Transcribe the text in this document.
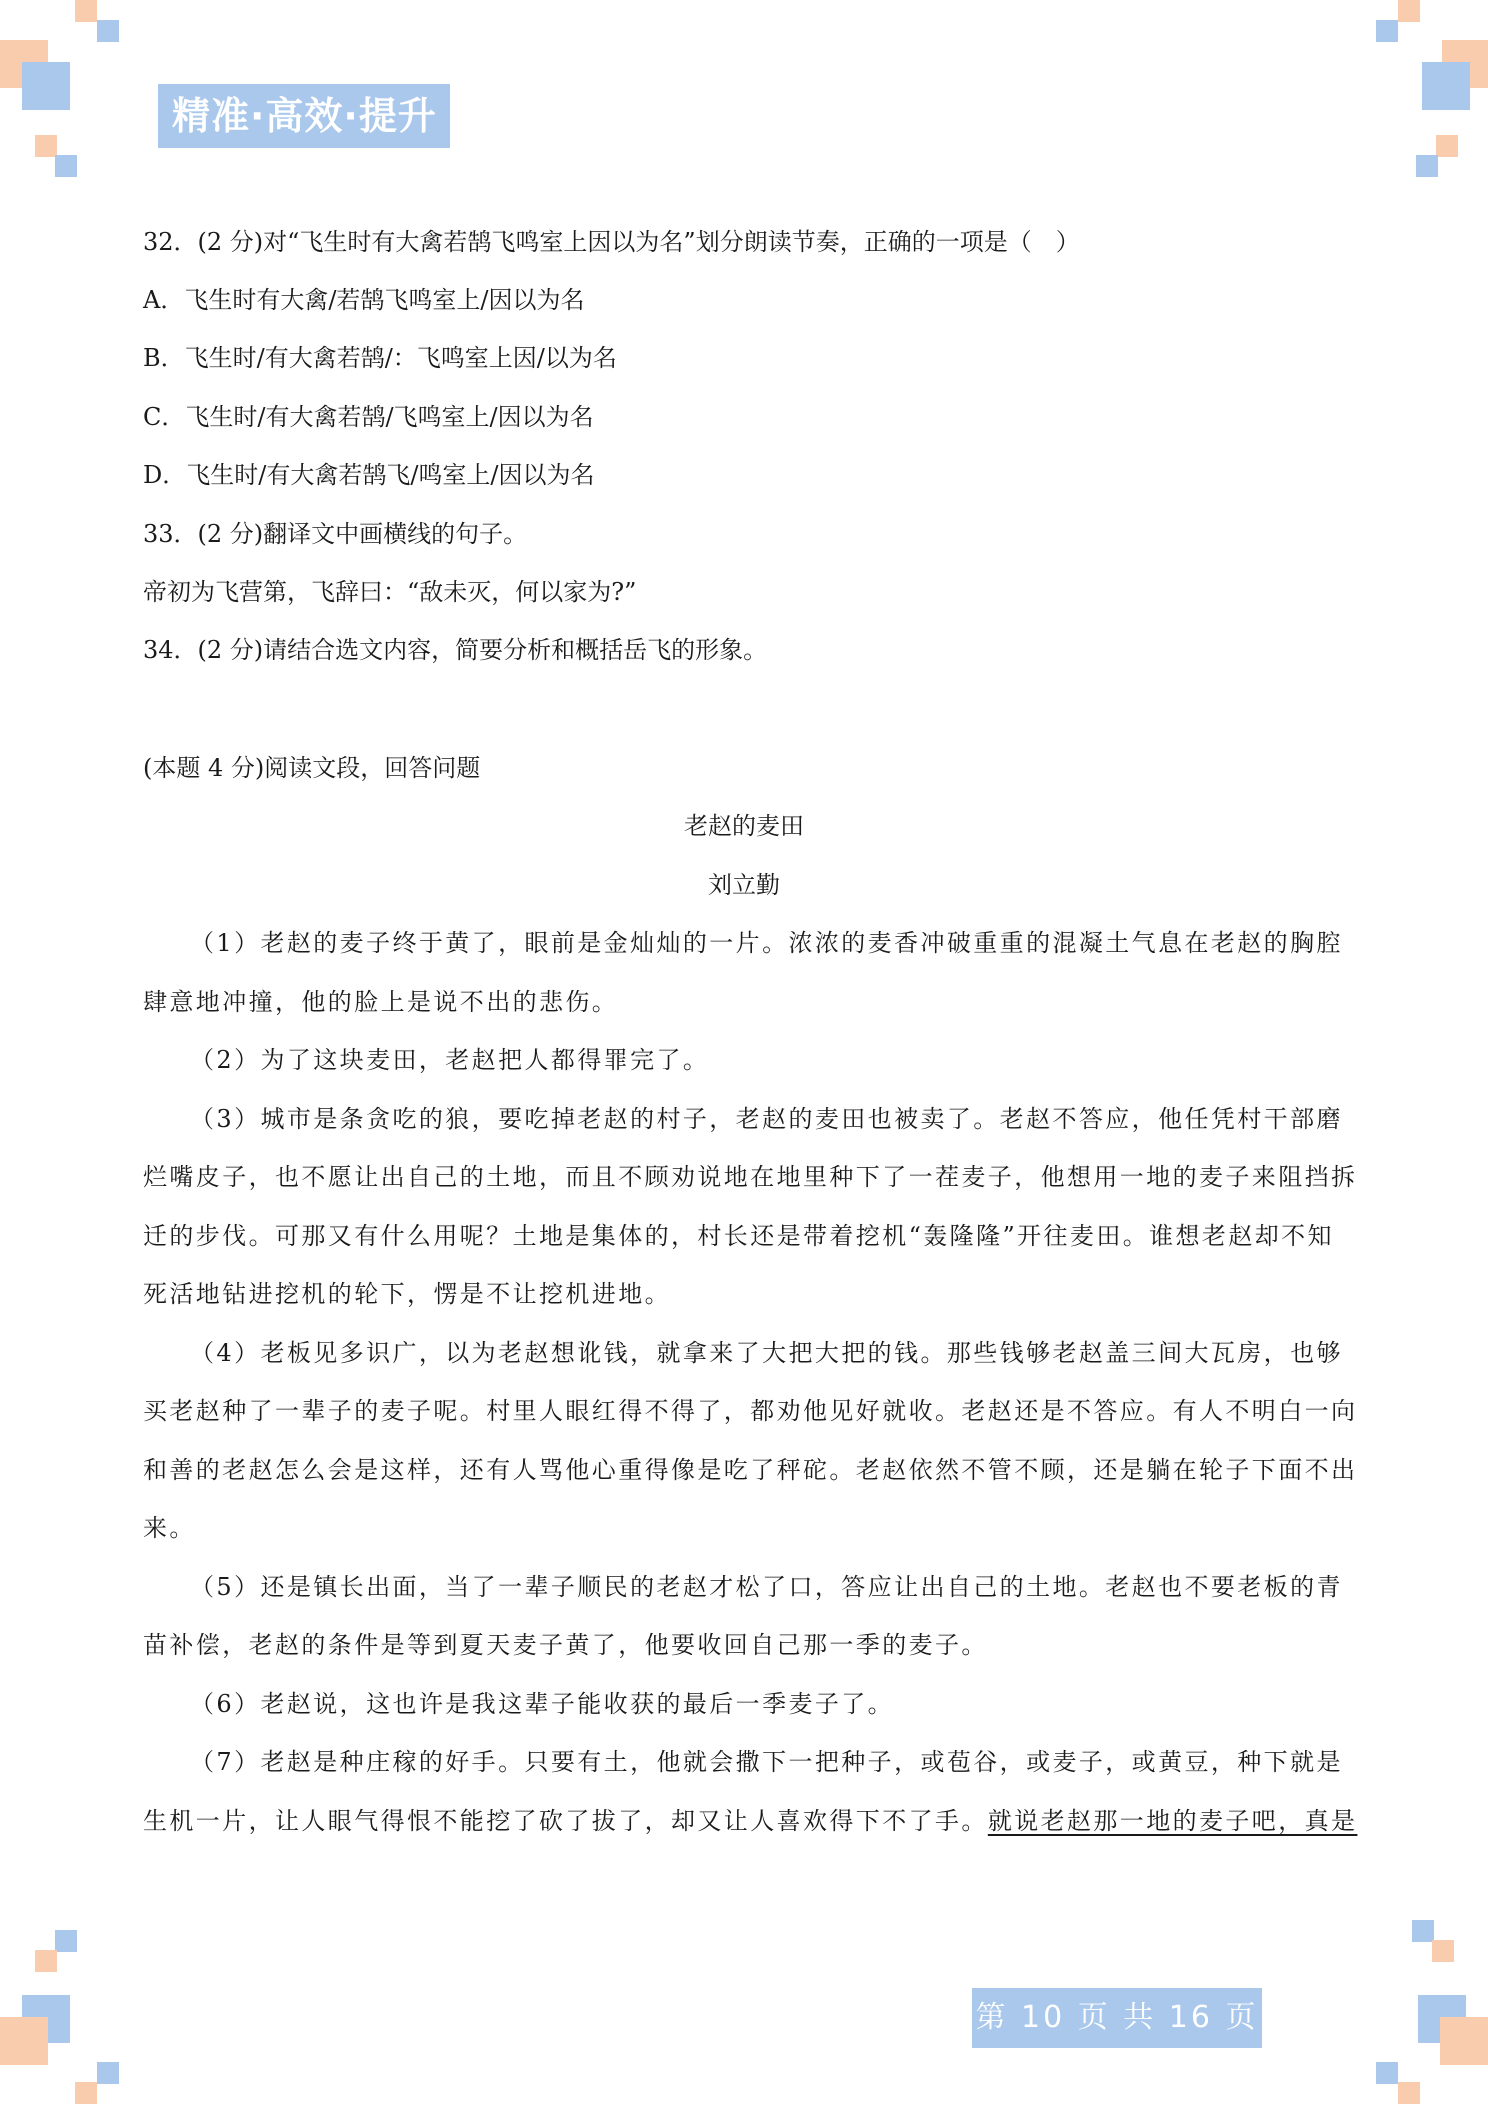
精准·高效·提升
32．(2 分)对“飞生时有大禽若鹄飞鸣室上因以为名”划分朗读节奏，正确的一项是（　）
A．飞生时有大禽/若鹄飞鸣室上/因以为名
B．飞生时/有大禽若鹄/：飞鸣室上因/以为名
C．飞生时/有大禽若鹄/飞鸣室上/因以为名
D．飞生时/有大禽若鹄飞/鸣室上/因以为名
33．(2 分)翻译文中画横线的句子。
帝初为飞营第，飞辞曰：“敌未灭，何以家为?”
34．(2 分)请结合选文内容，简要分析和概括岳飞的形象。
(本题 4 分)阅读文段，回答问题
老赵的麦田
刘立勤
（1）老赵的麦子终于黄了，眼前是金灿灿的一片。浓浓的麦香冲破重重的混凝土气息在老赵的胸腔
肆意地冲撞，他的脸上是说不出的悲伤。
（2）为了这块麦田，老赵把人都得罪完了。
（3）城市是条贪吃的狼，要吃掉老赵的村子，老赵的麦田也被卖了。老赵不答应，他任凭村干部磨
烂嘴皮子，也不愿让出自己的土地，而且不顾劝说地在地里种下了一茬麦子，他想用一地的麦子来阻挡拆
迁的步伐。可那又有什么用呢？土地是集体的，村长还是带着挖机“轰隆隆”开往麦田。谁想老赵却不知
死活地钻进挖机的轮下，愣是不让挖机进地。
（4）老板见多识广，以为老赵想讹钱，就拿来了大把大把的钱。那些钱够老赵盖三间大瓦房，也够
买老赵种了一辈子的麦子呢。村里人眼红得不得了，都劝他见好就收。老赵还是不答应。有人不明白一向
和善的老赵怎么会是这样，还有人骂他心重得像是吃了秤砣。老赵依然不管不顾，还是躺在轮子下面不出
来。
（5）还是镇长出面，当了一辈子顺民的老赵才松了口，答应让出自己的土地。老赵也不要老板的青
苗补偿，老赵的条件是等到夏天麦子黄了，他要收回自己那一季的麦子。
（6）老赵说，这也许是我这辈子能收获的最后一季麦子了。
（7）老赵是种庄稼的好手。只要有土，他就会撒下一把种子，或苞谷，或麦子，或黄豆，种下就是
生机一片，让人眼气得恨不能挖了砍了拔了，却又让人喜欢得下不了手。就说老赵那一地的麦子吧，真是
第 10 页 共 16 页
